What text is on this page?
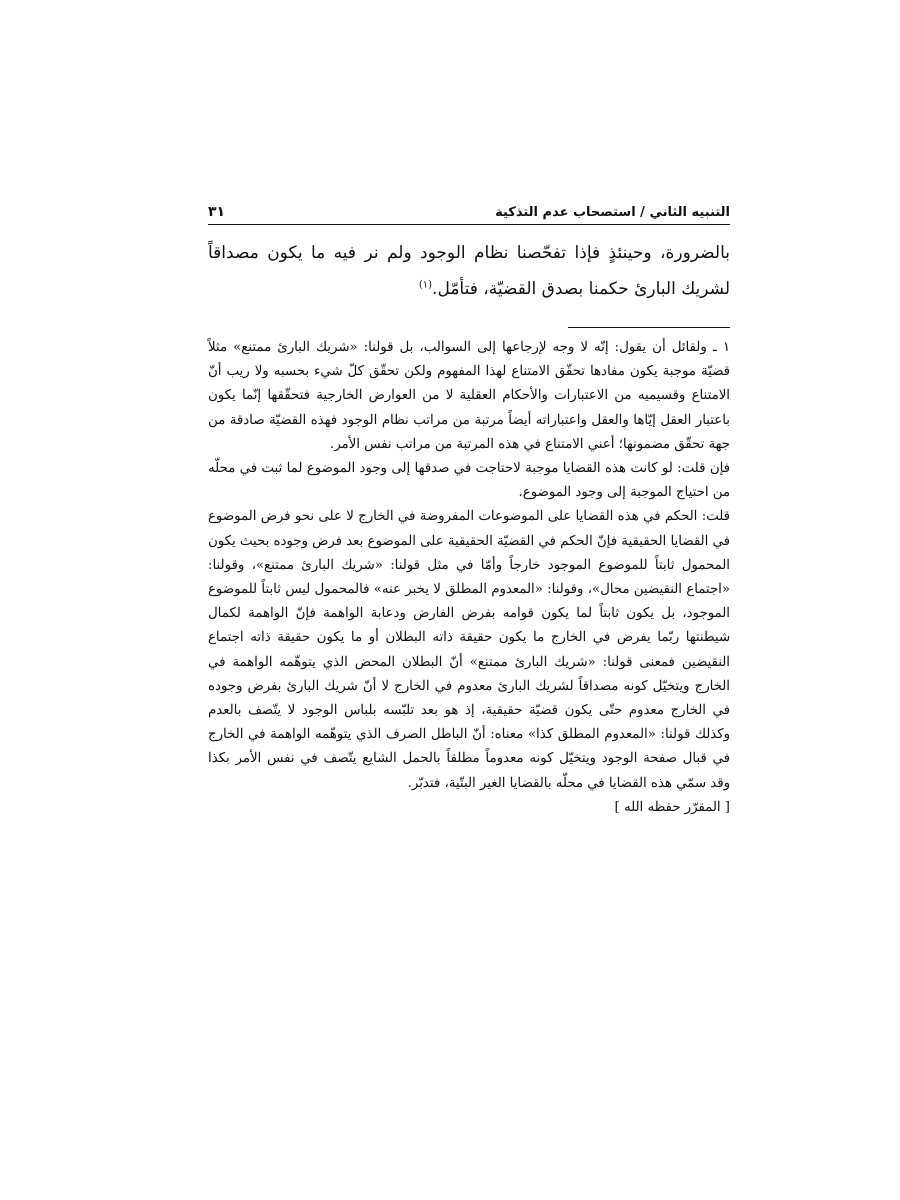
التنبيه الثاني / استصحاب عدم التذكية
٣١

بالضرورة، وحينئذٍ فإذا تفحّصنا نظام الوجود ولم نر فيه ما يكون مصداقاً لشريك البارئ حكمنا بصدق القضيّة، فتأمّل.$^{(١)}$

١ ـ ولقائل أن يقول: إنّه لا وجه لإرجاعها إلى السوالب، بل قولنا: «شريك البارئ ممتنع» مثلاً قضيّة موجبة يكون مفادها تحقّق الامتناع لهذا المفهوم ولكن تحقّق كلّ شيء بحسبه ولا ريب أنّ الامتناع وقسيميه من الاعتبارات والأحكام العقلية لا من العوارض الخارجية فتحقّقها إنّما يكون باعتبار العقل إيّاها والعقل واعتباراته أيضاً مرتبة من مراتب نظام الوجود فهذه القضيّة صادقة من جهة تحقّق مضمونها؛ أعني الامتناع في هذه المرتبة من مراتب نفس الأمر.

فإن قلت: لو كانت هذه القضايا موجبة لاحتاجت في صدقها إلى وجود الموضوع لما ثبت في محلّه من احتياج الموجبة إلى وجود الموضوع.

قلت: الحكم في هذه القضايا على الموضوعات المفروضة في الخارج لا على نحو فرض الموضوع في القضايا الحقيقية فإنّ الحكم في القضيّة الحقيقية على الموضوع بعد فرض وجوده بحيث يكون المحمول ثابتاً للموضوع الموجود خارجاً وأمّا في مثل قولنا: «شريك البارئ ممتنع»، وقولنا: «اجتماع النقيضين محال»، وقولنا: «المعدوم المطلق لا يخبر عنه» فالمحمول ليس ثابتاً للموضوع الموجود، بل يكون ثابتاً لما يكون قوامه بفرض الفارض ودعابة الواهمة فإنّ الواهمة لكمال شيطنتها ربّما يفرض في الخارج ما يكون حقيقة ذاته البطلان أو ما يكون حقيقة ذاته اجتماع النقيضين فمعنى قولنا: «شريك البارئ ممتنع» أنّ البطلان المحض الذي يتوهّمه الواهمة في الخارج ويتخيّل كونه مصداقاً لشريك البارئ معدوم في الخارج لا أنّ شريك البارئ بفرض وجوده في الخارج معدوم حتّى يكون قضيّة حقيقية، إذ هو بعد تلبّسه بلباس الوجود لا يتّصف بالعدم وكذلك قولنا: «المعدوم المطلق كذا» معناه: أنّ الباطل الصرف الذي يتوهّمه الواهمة في الخارج في قبال صفحة الوجود ويتخيّل كونه معدوماً مطلقاً بالحمل الشايع يتّصف في نفس الأمر بكذا وقد سمّي هذه القضايا في محلّه بالقضايا الغير البتّية، فتدبّر.

[ المقرّر حفظه الله ]
